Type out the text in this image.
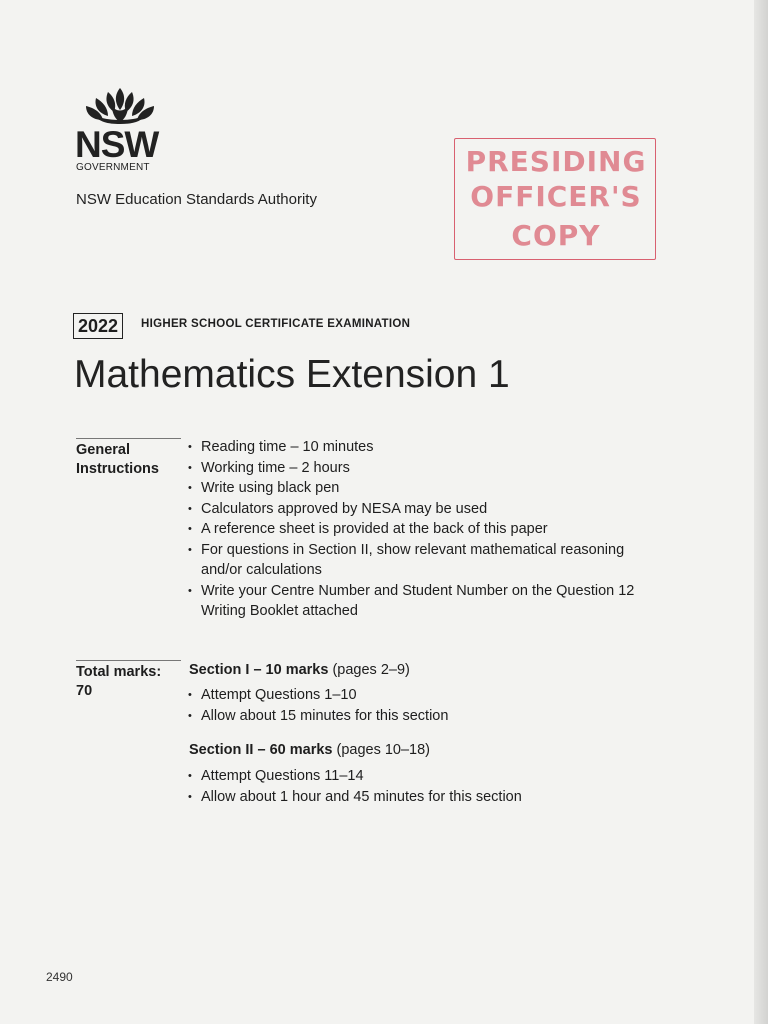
NSW
GOVERNMENT
NSW Education Standards Authority
PRESIDING
OFFICER'S
COPY
2022	HIGHER SCHOOL CERTIFICATE EXAMINATION
Mathematics Extension 1
General
Instructions
• Reading time – 10 minutes
• Working time – 2 hours
• Write using black pen
• Calculators approved by NESA may be used
• A reference sheet is provided at the back of this paper
• For questions in Section II, show relevant mathematical reasoning and/or calculations
• Write your Centre Number and Student Number on the Question 12 Writing Booklet attached
Total marks:
70
Section I – 10 marks (pages 2–9)
• Attempt Questions 1–10
• Allow about 15 minutes for this section
Section II – 60 marks (pages 10–18)
• Attempt Questions 11–14
• Allow about 1 hour and 45 minutes for this section
2490
